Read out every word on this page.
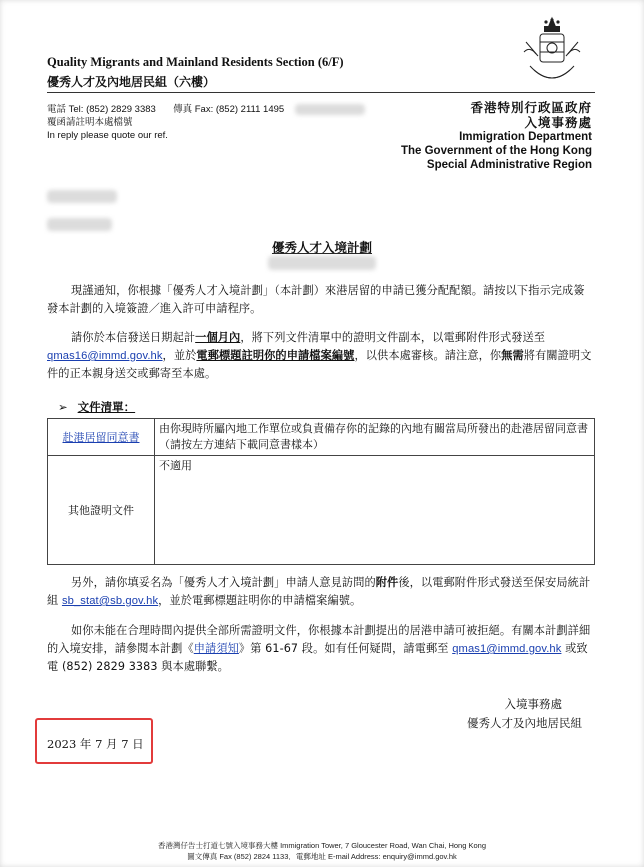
Quality Migrants and Mainland Residents Section (6/F)
優秀人才及內地居民組（六樓）
電話 Tel: (852) 2829 3383 傳真 Fax: (852) 2111 1495
覆函請註明本處檔號
In reply please quote our ref.
香港特別行政區政府
入境事務處
Immigration Department
The Government of the Hong Kong
Special Administrative Region
優秀人才入境計劃
現謹通知，你根據「優秀人才入境計劃」（本計劃）來港居留的申請已獲分配配額。請按以下指示完成簽發本計劃的入境簽證／進入許可申請程序。
請你於本信發送日期起計一個月內，將下列文件清單中的證明文件副本，以電郵附件形式發送至 qmas16@immd.gov.hk，並於電郵標題註明你的申請檔案編號，以供本處審核。請注意，你無需將有關證明文件的正本親身送交或郵寄至本處。
➢ 文件清單：
赴港居留同意書	由你現時所屬內地工作單位或負責備存你的記錄的內地有關當局所發出的赴港居留同意書（請按左方連結下載同意書樣本）
其他證明文件	不適用
另外，請你填妥名為「優秀人才入境計劃」申請人意見訪問的附件後，以電郵附件形式發送至保安局統計組 sb_stat@sb.gov.hk，並於電郵標題註明你的申請檔案編號。
如你未能在合理時間內提供全部所需證明文件，你根據本計劃提出的居港申請可被拒絕。有關本計劃詳細的入境安排，請參閱本計劃《申請須知》第 61-67 段。如有任何疑問，請電郵至 qmas1@immd.gov.hk 或致電 (852) 2829 3383 與本處聯繫。
入境事務處
優秀人才及內地居民組
2023 年 7 月 7 日
香港灣仔告士打道七號入境事務大樓 Immigration Tower, 7 Gloucester Road, Wan Chai, Hong Kong
圖文傳真 Fax (852) 2824 1133．電郵地址 E-mail Address: enquiry@immd.gov.hk
